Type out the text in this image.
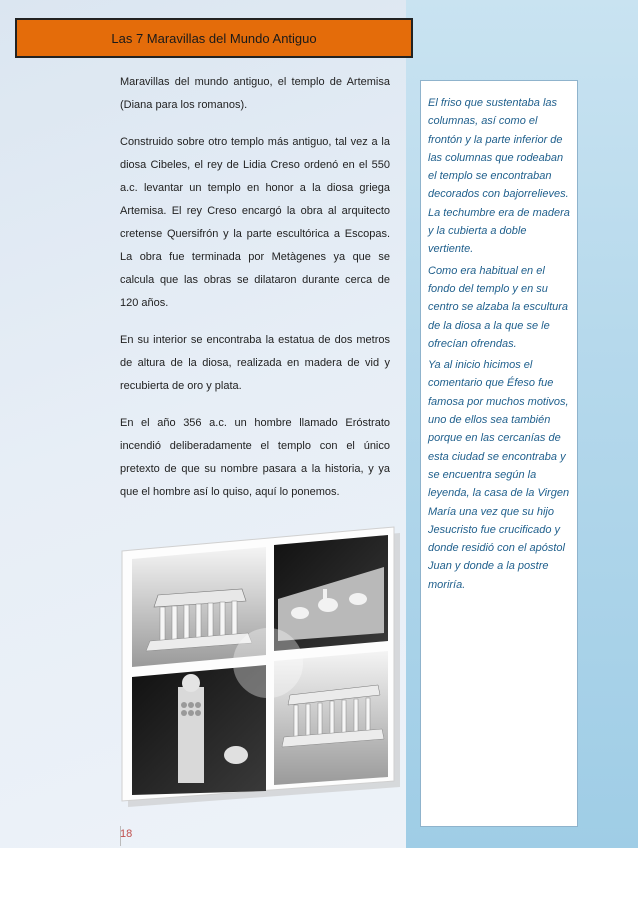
Las 7 Maravillas del Mundo Antiguo

Maravillas del mundo antiguo, el templo de Artemisa (Diana para los romanos).

Construido sobre otro templo más antiguo, tal vez a la diosa Cibeles, el rey de Lidia Creso ordenó en el 550 a.c. levantar un templo en honor a la diosa griega Artemisa. El rey Creso encargó la obra al arquitecto cretense Quersifrón y la parte escultórica a Escopas. La obra fue terminada por Metàgenes ya que se calcula que las obras se dilataron durante cerca de 120 años.

En su interior se encontraba la estatua de dos metros de altura de la diosa, realizada en madera de vid y recubierta de oro y plata.

En el año 356 a.c. un hombre llamado Eróstrato incendió deliberadamente el templo con el único pretexto de que su nombre pasara a la historia, y ya que el hombre así lo quiso, aquí lo ponemos.

El friso que sustentaba las columnas, así como el frontón y la parte inferior de las columnas que rodeaban el templo se encontraban decorados con bajorrelieves. La techumbre era de madera y la cubierta a doble vertiente.

Como era habitual en el fondo del templo y en su centro se alzaba la escultura de la diosa a la que se le ofrecían ofrendas.

Ya al inicio hicimos el comentario que Éfeso fue famosa por muchos motivos, uno de ellos sea también porque en las cercanías de esta ciudad se encontraba y se encuentra según la leyenda, la casa de la Virgen María una vez que su hijo Jesucristo fue crucificado y donde residió con el apóstol Juan y donde a la postre moriría.

18
